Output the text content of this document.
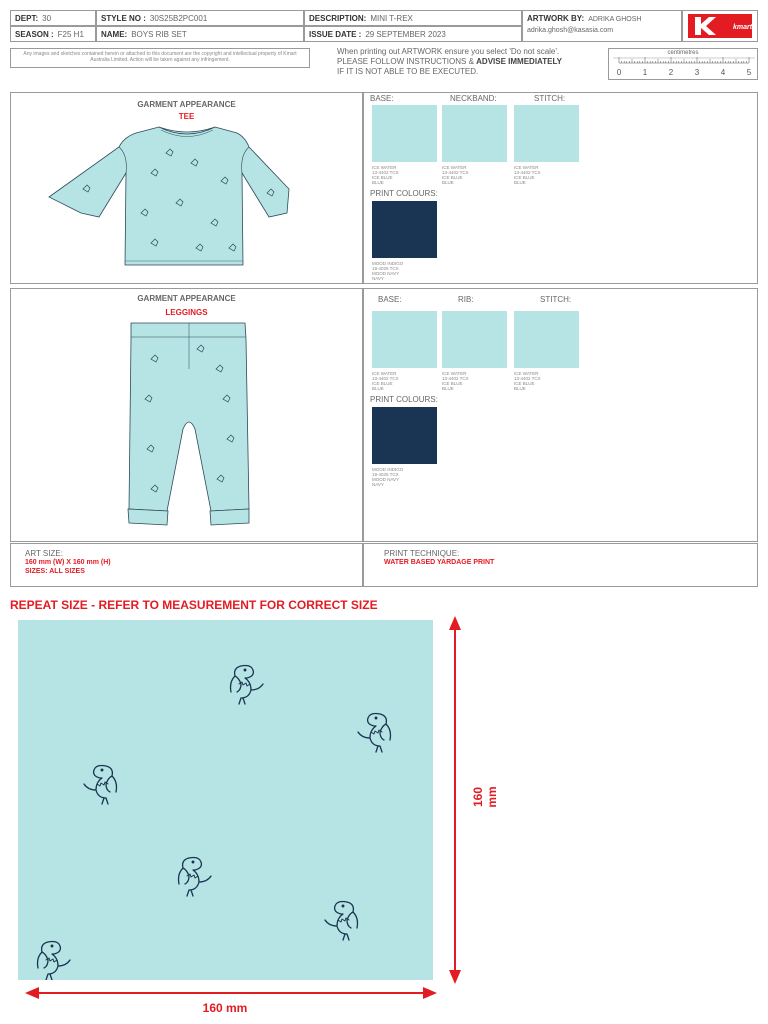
DEPT: 30	STYLE NO : 30S25B2PC001	DESCRIPTION: MINI T-REX	ARTWORK BY: ADRIKA GHOSH
adrika.ghosh@kasasia.com	kmart
SEASON : F25 H1	NAME: BOYS RIB SET	ISSUE DATE : 29 SEPTEMBER 2023
Any images and sketches contained herein or attached to this document are the copyright and intellectual property of Kmart Australia Limited. Action will be taken against any infringement.
When printing out ARTWORK ensure you select 'Do not scale'.
PLEASE FOLLOW INSTRUCTIONS & ADVISE IMMEDIATELY
IF IT IS NOT ABLE TO BE EXECUTED.
centimetres
0	1	2	3	4	5
GARMENT APPEARANCE
TEE
BASE:	NECKBAND:	STITCH:
ICE WATER
13-4402 TCX
ICE BLUE
BLUE
ICE WATER
13-4402 TCX
ICE BLUE
BLUE
ICE WATER
13-4402 TCX
ICE BLUE
BLUE
PRINT COLOURS:
MOOD INDIGO
19-4025 TCX
MOOD NAVY
NAVY
GARMENT APPEARANCE
LEGGINGS
BASE:	RIB:	STITCH:
ICE WATER
13-4402 TCX
ICE BLUE
BLUE
ICE WATER
13-4402 TCX
ICE BLUE
BLUE
ICE WATER
13-4402 TCX
ICE BLUE
BLUE
PRINT COLOURS:
MOOD INDIGO
19-4025 TCX
MOOD NAVY
NAVY
ART SIZE:
160 mm (W) X 160 mm (H)
SIZES: ALL SIZES
PRINT TECHNIQUE:
WATER BASED YARDAGE PRINT
REPEAT SIZE - REFER TO MEASUREMENT FOR CORRECT SIZE
160 mm
160 mm
